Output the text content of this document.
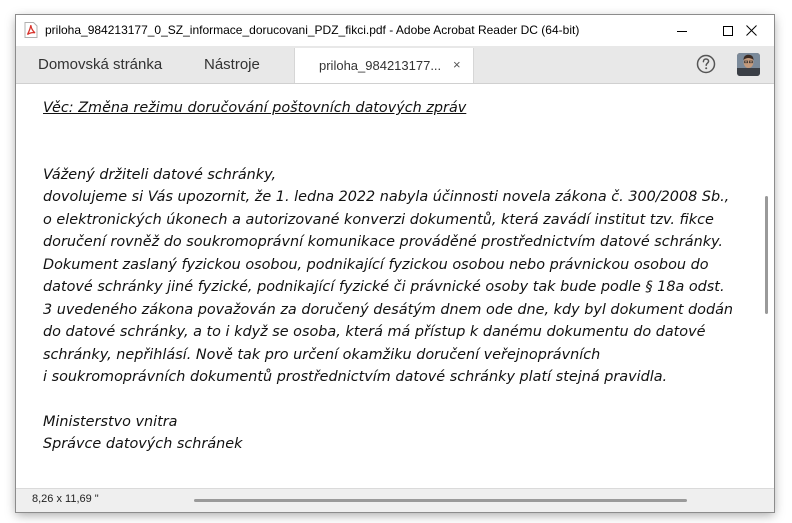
priloha_984213177_0_SZ_informace_dorucovani_PDZ_fikci.pdf - Adobe Acrobat Reader DC (64-bit)
Domovská stránka	Nástroje	priloha_984213177... ×

Věc: Změna režimu doručování poštovních datových zpráv

Vážený držiteli datové schránky,

dovolujeme si Vás upozornit, že 1. ledna 2022 nabyla účinnosti novela zákona č. 300/2008 Sb.,

o elektronických úkonech a autorizované konverzi dokumentů, která zavádí institut tzv. fikce

doručení rovněž do soukromoprávní komunikace prováděné prostřednictvím datové schránky.

Dokument zaslaný fyzickou osobou, podnikající fyzickou osobou nebo právnickou osobou do

datové schránky jiné fyzické, podnikající fyzické či právnické osoby tak bude podle § 18a odst.

3 uvedeného zákona považován za doručený desátým dnem ode dne, kdy byl dokument dodán

do datové schránky, a to i když se osoba, která má přístup k danému dokumentu do datové

schránky, nepřihlásí. Nově tak pro určení okamžiku doručení veřejnoprávních

i soukromoprávních dokumentů prostřednictvím datové schránky platí stejná pravidla.

Ministerstvo vnitra

Správce datových schránek

8,26 x 11,69 "
